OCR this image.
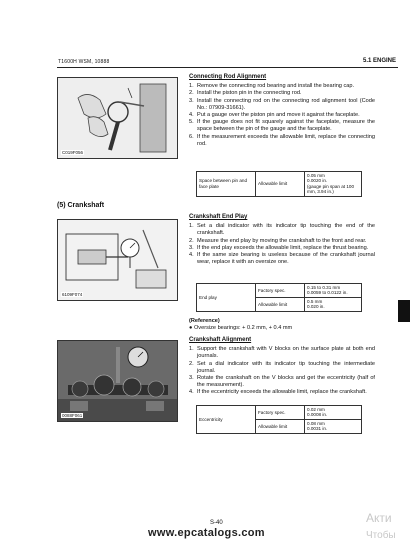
T1600H WSM, 10888	5.1 ENGINE
C019F056
(5) Crankshaft
6109F074
0088F061
Connecting Rod Alignment
1. Remove the connecting rod bearing and install the bearing cap.
2. Install the piston pin in the connecting rod.
3. Install the connecting rod on the connecting rod alignment tool (Code No.: 07909-31661).
4. Put a gauge over the piston pin and move it against the faceplate.
5. If the gauge does not fit squarely against the faceplate, measure the space between the pin of the gauge and the faceplate.
6. If the measurement exceeds the allowable limit, replace the connecting rod.
Space between pin and face plate	Allowable limit	0.05 mm
0.0020 in.
(gauge pin span at 100 mm, 3.94 in.)
Crankshaft End Play
1. Set a dial indicator with its indicator tip touching the end of the crankshaft.
2. Measure the end play by moving the crankshaft to the front and rear.
3. If the end play exceeds the allowable limit, replace the thrust bearing.
4. If the same size bearing is useless because of the crankshaft journal wear, replace it with an oversize one.
End play	Factory spec.	0.15 to 0.31 mm
0.0059 to 0.0122 in.
	Allowable limit	0.5 mm
0.020 in.
(Reference)
● Oversize bearings: + 0.2 mm, + 0.4 mm
Crankshaft Alignment
1. Support the crankshaft with V blocks on the surface plate at both end journals.
2. Set a dial indicator with its indicator tip touching the intermediate journal.
3. Rotate the crankshaft on the V blocks and get the eccentricity (half of the measurement).
4. If the eccentricity exceeds the allowable limit, replace the crankshaft.
Eccentricity	Factory spec.	0.02 mm
0.0008 in.
	Allowable limit	0.08 mm
0.0031 in.
S-40
www.epcatalogs.com
Акти
Чтобы
